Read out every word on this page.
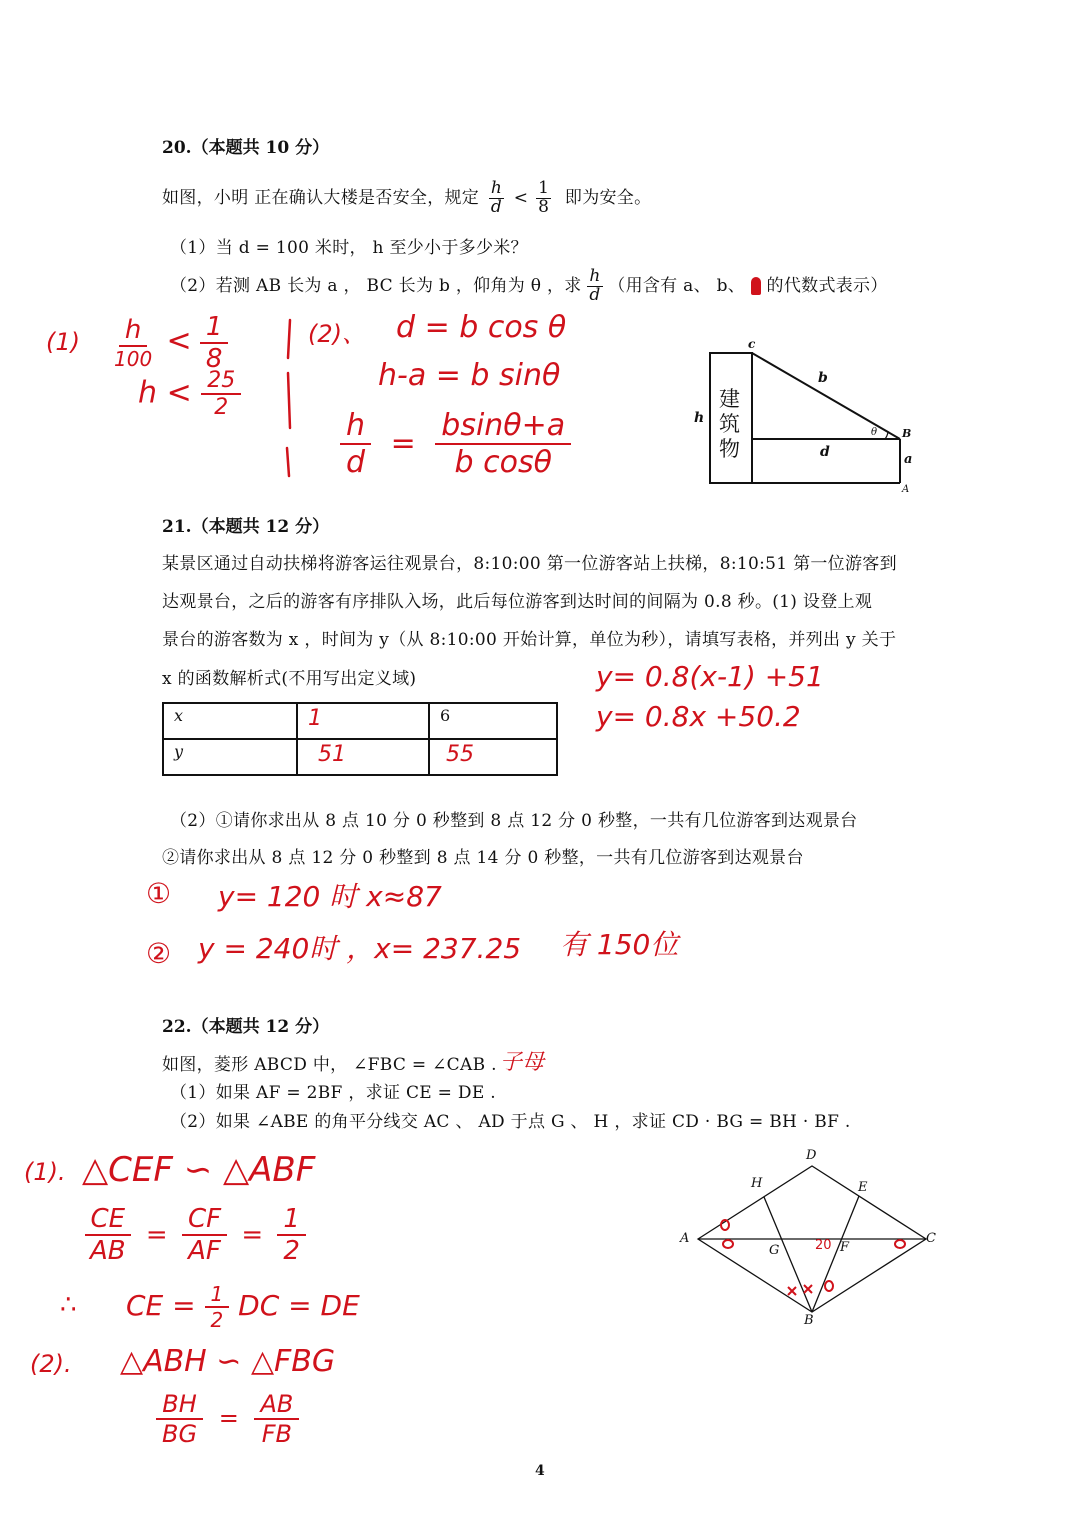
20.（本题共 10 分）
如图，小明 正在确认大楼是否安全，规定 $\frac{h}{d} < \frac{1}{8}$ 即为安全。
（1）当 d = 100 米时， h 至少小于多少米？
（2）若测 AB 长为 a ， BC 长为 b ，仰角为 θ ，求 $\frac{h}{d}$ （用含有 a、 b、 的代数式表示）
c
b
h
建
筑
物
θ B
d	a
A
(1) h
100
< $\frac{1}{8}$
$h < \frac{25}{2}$
(2)、 d = b cos θ
h-a = b sinθ
$\frac{h}{d} = \frac{bsin\theta+a}{\text{b cosθ}}$
21.（本题共 12 分）
某景区通过自动扶梯将游客运往观景台，8:10:00 第一位游客站上扶梯，8:10:51 第一位游客到
达观景台，之后的游客有序排队入场，此后每位游客到达时间的间隔为 0.8 秒。(1) 设登上观
景台的游客数为 x ，时间为 y（从 8:10:00 开始计算，单位为秒），请填写表格，并列出 y 关于
x 的函数解析式(不用写出定义域)
x	1	6
y	51	55
y= 0.8(x-1) +51
y= 0.8x +50.2
（2）①请你求出从 8 点 10 分 0 秒整到 8 点 12 分 0 秒整，一共有几位游客到达观景台
②请你求出从 8 点 12 分 0 秒整到 8 点 14 分 0 秒整，一共有几位游客到达观景台
① y= 120 时 x≈87
② y = 240时 ，x= 237.25 有 150位
22.（本题共 12 分）
如图，菱形 ABCD 中， ∠FBC = ∠CAB . 子母
（1）如果 AF = 2BF ，求证 CE = DE .
（2）如果 ∠ABE 的角平分线交 AC 、 AD 于点 G 、 H ，求证 CD · BG = BH · BF .
D
H	E
A	C
G	F
B
20
(1). △CEF ∽ △ABF
$\frac{CE}{AB} = \frac{CF}{AF} = \frac{1}{2}$
∴ CE = $\frac{1}{2}$ DC = DE
(2). △ABH ∽ △FBG
$\frac{BH}{BG} = \frac{AB}{FB}$
4
